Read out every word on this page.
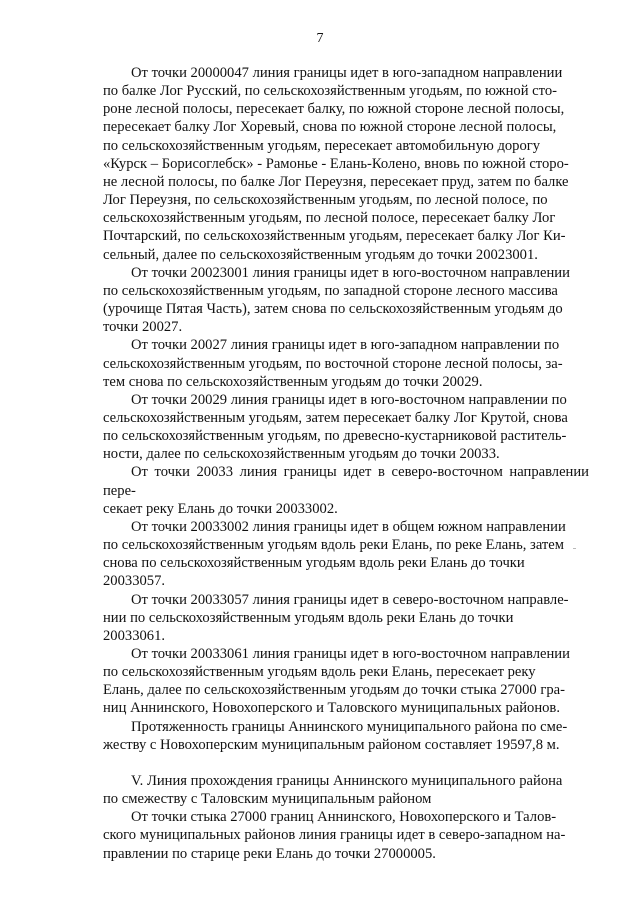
7

От точки 20000047 линия границы идет в юго-западном направлении
по балке Лог Русский, по сельскохозяйственным угодьям, по южной сто-
роне лесной полосы, пересекает балку, по южной стороне лесной полосы,
пересекает балку Лог Хоревый, снова по южной стороне лесной полосы,
по сельскохозяйственным угодьям, пересекает автомобильную дорогу
«Курск – Борисоглебск» - Рамонье - Елань-Колено, вновь по южной сторо-
не лесной полосы, по балке Лог Переузня, пересекает пруд, затем по балке
Лог Переузня, по сельскохозяйственным угодьям, по лесной полосе, по
сельскохозяйственным угодьям, по лесной полосе, пересекает балку Лог
Почтарский, по сельскохозяйственным угодьям, пересекает балку Лог Ки-
сельный, далее по сельскохозяйственным угодьям до точки 20023001.

От точки 20023001 линия границы идет в юго-восточном направлении
по сельскохозяйственным угодьям, по западной стороне лесного массива
(урочище Пятая Часть), затем снова по сельскохозяйственным угодьям до
точки 20027.

От точки 20027 линия границы идет в юго-западном направлении по
сельскохозяйственным угодьям, по восточной стороне лесной полосы, за-
тем снова по сельскохозяйственным угодьям до точки 20029.

От точки 20029 линия границы идет в юго-восточном направлении по
сельскохозяйственным угодьям, затем пересекает балку Лог Крутой, снова
по сельскохозяйственным угодьям, по древесно-кустарниковой раститель-
ности, далее по сельскохозяйственным угодьям до точки 20033.

От точки 20033 линия границы идет в северо-восточном направлении пере-
секает реку Елань до точки 20033002.

От точки 20033002 линия границы идет в общем южном направлении
по сельскохозяйственным угодьям вдоль реки Елань, по реке Елань, затем
снова по сельскохозяйственным угодьям вдоль реки Елань до точки
20033057.

От точки 20033057 линия границы идет в северо-восточном направле-
нии по сельскохозяйственным угодьям вдоль реки Елань до точки
20033061.

От точки 20033061 линия границы идет в юго-восточном направлении
по сельскохозяйственным угодьям вдоль реки Елань, пересекает реку
Елань, далее по сельскохозяйственным угодьям до точки стыка 27000 гра-
ниц Аннинского, Новохоперского и Таловского муниципальных районов.

Протяженность границы Аннинского муниципального района по сме-
жеству с Новохоперским муниципальным районом составляет 19597,8 м.

V. Линия прохождения границы Аннинского муниципального района
по смежеству с Таловским муниципальным районом

От точки стыка 27000 границ Аннинского, Новохоперского и Талов-
ского муниципальных районов линия границы идет в северо-западном на-
правлении по старице реки Елань до точки 27000005.
